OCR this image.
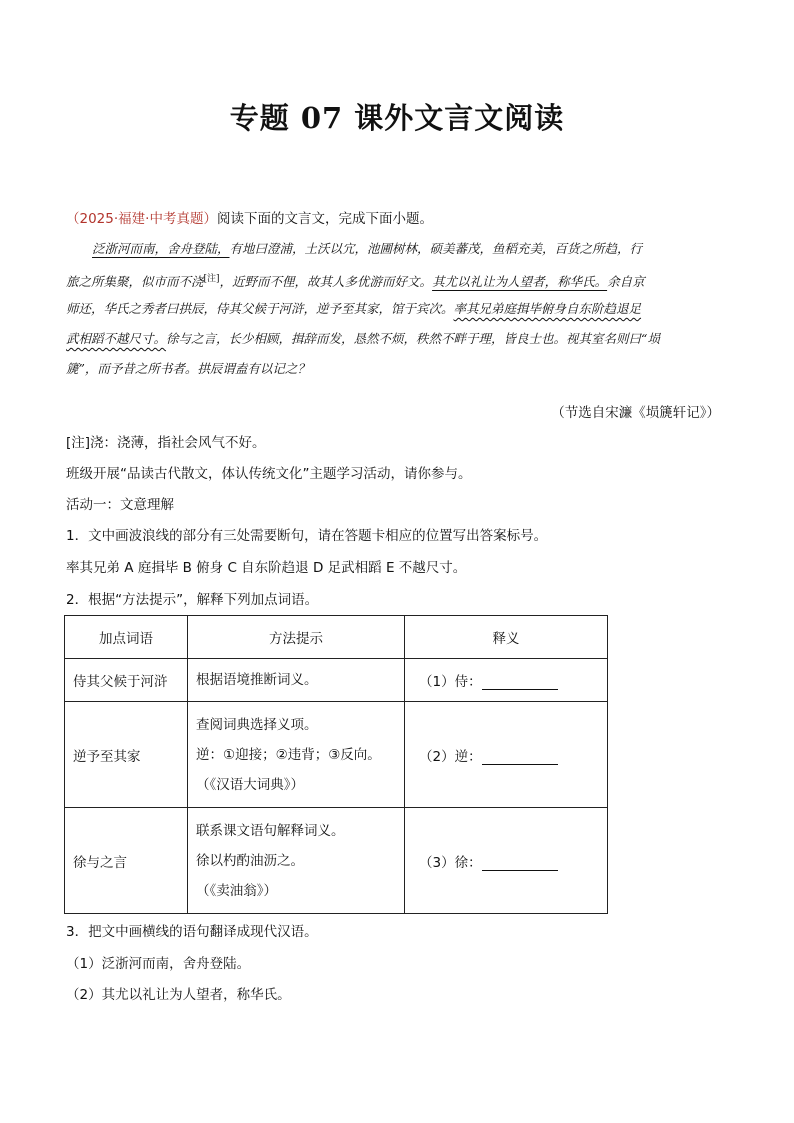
专题 07 课外文言文阅读
（2025·福建·中考真题）阅读下面的文言文，完成下面小题。
泛浙河而南，舍舟登陆，有地曰澄浦，土沃以宂，池圃树林，硕美蕃茂，鱼稻充美，百货之所趋，行
旅之所集聚，似市而不浇[注]，近野而不俚，故其人多优游而好文。其尤以礼让为人望者，称华氏。余自京
师还，华氏之秀者曰拱辰，侍其父候于河浒，逆予至其家，馆于宾次。率其兄弟庭揖毕俯身自东阶趋退足
武相蹈不越尺寸。徐与之言，长少相顾，揖辞而发，恳然不烦，秩然不畔于理，皆良士也。视其室名则曰“埙
篪”，而予昔之所书者。拱辰谓盍有以记之？
（节选自宋濂《埙篪轩记》）
[注]浇：浇薄，指社会风气不好。
班级开展“品读古代散文，体认传统文化”主题学习活动，请你参与。
活动一：文意理解
1．文中画波浪线的部分有三处需要断句，请在答题卡相应的位置写出答案标号。
率其兄弟 A 庭揖毕 B 俯身 C 自东阶趋退 D 足武相蹈 E 不越尺寸。
2．根据“方法提示”，解释下列加点词语。
加点词语	方法提示	释义
侍其父候于河浒	根据语境推断词义。	（1）侍：
逆予至其家	查阅词典选择义项。
逆：①迎接；②违背；③反向。
（《汉语大词典》）	（2）逆：
徐与之言	联系课文语句解释词义。
徐以杓酌油沥之。
（《卖油翁》）	（3）徐：
3．把文中画横线的语句翻译成现代汉语。
（1）泛浙河而南，舍舟登陆。
（2）其尤以礼让为人望者，称华氏。
